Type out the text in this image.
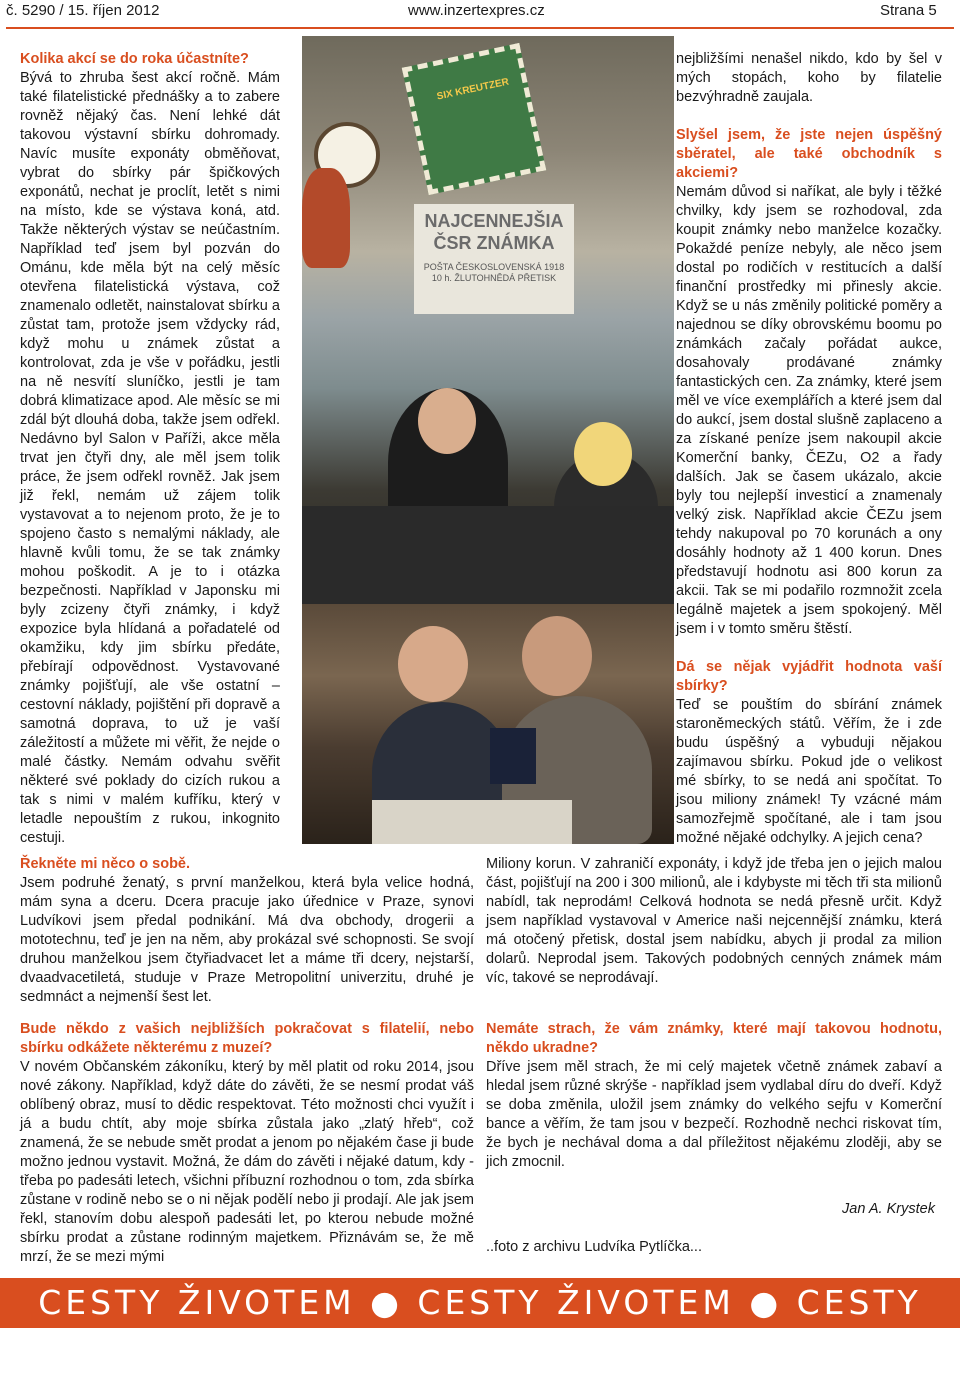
č. 5290 / 15. říjen 2012	www.inzertexpres.cz	Strana 5

Kolika akcí se do roka účastníte?

Bývá to zhruba šest akcí ročně. Mám také filatelistické přednášky a to zabere rovněž nějaký čas. Není lehké dát takovou výstavní sbírku dohromady. Navíc musíte exponáty obměňovat, vybrat do sbírky pár špičkových exponátů, nechat je proclít, letět s nimi na místo, kde se výstava koná, atd. Takže některých výstav se neúčastním. Například teď jsem byl pozván do Ománu, kde měla být na celý měsíc otevřena filatelistická výstava, což znamenalo odletět, nainstalovat sbírku a zůstat tam, protože jsem vždycky rád, když mohu u známek zůstat a kontrolovat, zda je vše v pořádku, jestli na ně nesvítí sluníčko, jestli je tam dobrá klimatizace apod. Ale měsíc se mi zdál být dlouhá doba, takže jsem odřekl. Nedávno byl Salon v Paříži, akce měla trvat jen čtyři dny, ale měl jsem tolik práce, že jsem odřekl rovněž. Jak jsem již řekl, nemám už zájem tolik vystavovat a to nejenom proto, že je to spojeno často s nemalými náklady, ale hlavně kvůli tomu, že se tak známky mohou poškodit. A je to i otázka bezpečnosti. Například v Japonsku mi byly zcizeny čtyři známky, i když expozice byla hlídaná a pořadatelé od okamžiku, kdy jim sbírku předáte, přebírají odpovědnost. Vystavované známky pojišťují, ale vše ostatní – cestovní náklady, pojištění při dopravě a samotná doprava, to už je vaší záležitostí a můžete mi věřit, že nejde o malé částky. Nemám odvahu svěřit některé své poklady do cizích rukou a tak s nimi v malém kufříku, který v letadle nepouštím z rukou, inkognito cestuji.

SIX KREUTZER
NAJCENNEJŠIA ČSR ZNÁMKA
POŠTA ČESKOSLOVENSKÁ 1918 10 h. ŽLUTOHNĚDÁ PŘETISK

nejbližšími nenašel nikdo, kdo by šel v mých stopách, koho by filatelie bezvýhradně zaujala.

Slyšel jsem, že jste nejen úspěšný sběratel, ale také obchodník s akciemi?

Nemám důvod si naříkat, ale byly i těžké chvilky, kdy jsem se rozhodoval, zda koupit známky nebo manželce kozačky. Pokaždé peníze nebyly, ale něco jsem dostal po rodičích v restitucích a další finanční prostředky mi přinesly akcie. Když se u nás změnily politické poměry a najednou se díky obrovskému boomu po známkách začaly pořádat aukce, dosahovaly prodávané známky fantastických cen. Za známky, které jsem měl ve více exemplářích a které jsem dal do aukcí, jsem dostal slušně zaplaceno a za získané peníze jsem nakoupil akcie Komerční banky, ČEZu, O2 a řady dalších. Jak se časem ukázalo, akcie byly tou nejlepší investicí a znamenaly velký zisk. Například akcie ČEZu jsem tehdy nakupoval po 70 korunách a ony dosáhly hodnoty až 1 400 korun. Dnes představují hodnotu asi 800 korun za akcii. Tak se mi podařilo rozmnožit zcela legálně majetek a jsem spokojený. Měl jsem i v tomto směru štěstí.

Dá se nějak vyjádřit hodnota vaší sbírky?

Teď se pouštím do sbírání známek staroněmeckých států. Věřím, že i zde budu úspěšný a vybuduji nějakou zajímavou sbírku. Pokud jde o velikost mé sbírky, to se nedá ani spočítat. To jsou miliony známek! Ty vzácné mám samozřejmě spočítané, ale i tam jsou možné nějaké odchylky. A jejich cena?

Miliony korun. V zahraničí exponáty, i když jde třeba jen o jejich malou část, pojišťují na 200 i 300 milionů, ale i kdybyste mi těch tři sta milionů nabídl, tak neprodám! Celková hodnota se nedá přesně určit. Když jsem například vystavoval v Americe naši nejcennější známku, která má otočený přetisk, dostal jsem nabídku, abych ji prodal za milion dolarů. Neprodal jsem. Takových podobných cenných známek mám víc, takové se neprodávají.

Nemáte strach, že vám známky, které mají takovou hodnotu, někdo ukradne?

Dříve jsem měl strach, že mi celý majetek včetně známek zabaví a hledal jsem různé skrýše - například jsem vydlabal díru do dveří. Když se doba změnila, uložil jsem známky do velkého sejfu v Komerční bance a věřím, že tam jsou v bezpečí. Rozhodně nechci riskovat tím, že bych je nechával doma a dal příležitost nějakému zloději, aby se jich zmocnil.

Jan A. Krystek
..foto z archivu Ludvíka Pytlíčka...

Řekněte mi něco o sobě.

Jsem podruhé ženatý, s první manželkou, která byla velice hodná, mám syna a dceru. Dcera pracuje jako úřednice v Praze, synovi Ludvíkovi jsem předal podnikání. Má dva obchody, drogerii a mototechnu, teď je jen na něm, aby prokázal své schopnosti. Se svojí druhou manželkou jsem čtyřiadvacet let a máme tři dcery, nejstarší, dvaadvacetiletá, studuje v Praze Metropolitní univerzitu, druhé je sedmnáct a nejmenší šest let.

Bude někdo z vašich nejbližších pokračovat s filatelií, nebo sbírku odkážete některému z muzeí?

V novém Občanském zákoníku, který by měl platit od roku 2014, jsou nové zákony. Například, když dáte do závěti, že se nesmí prodat váš oblíbený obraz, musí to dědic respektovat. Této možnosti chci využít i já a budu chtít, aby moje sbírka zůstala jako „zlatý hřeb“, což znamená, že se nebude smět prodat a jenom po nějakém čase ji bude možno jednou vystavit. Možná, že dám do závěti i nějaké datum, kdy - třeba po padesáti letech, všichni příbuzní rozhodnou o tom, zda sbírka zůstane v rodině nebo se o ni nějak podělí nebo ji prodají. Ale jak jsem řekl, stanovím dobu alespoň padesáti let, po kterou nebude možné sbírku prodat a zůstane rodinným majetkem. Přiznávám se, že mě mrzí, že se mezi mými

CESTY ŽIVOTEM ● CESTY ŽIVOTEM ● CESTY ŽIVOTEM
